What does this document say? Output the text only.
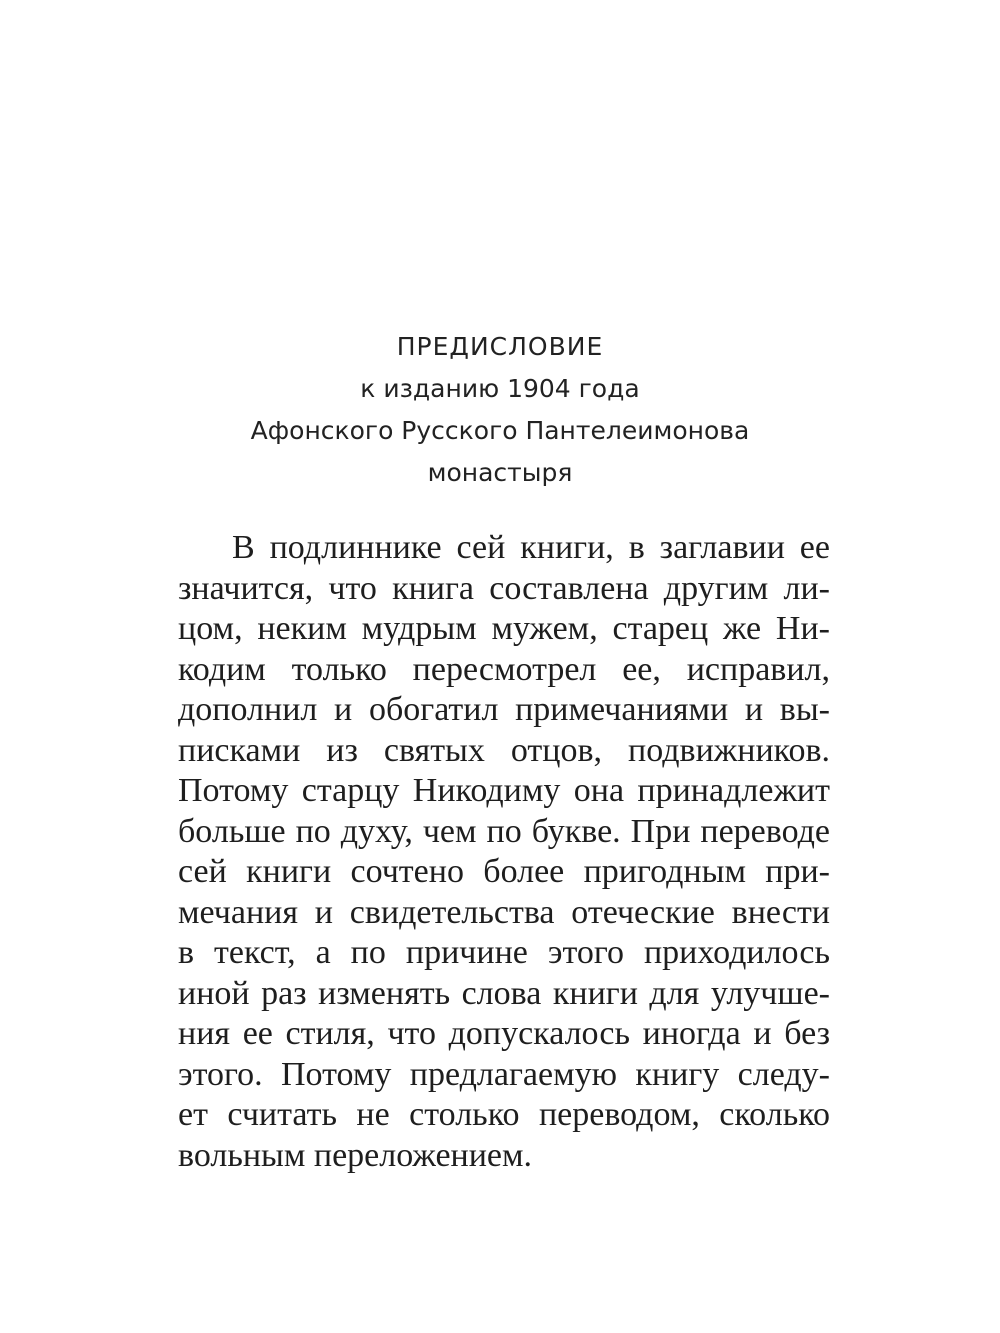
ПРЕДИСЛОВИЕ
к изданию 1904 года
Афонского Русского Пантелеимонова
монастыря
В подлиннике сей книги, в заглавии ее
значится, что книга составлена другим ли-
цом, неким мудрым мужем, старец же Ни-
кодим только пересмотрел ее, исправил,
дополнил и обогатил примечаниями и вы-
писками из святых отцов, подвижников.
Потому старцу Никодиму она принадлежит
больше по духу, чем по букве. При переводе
сей книги сочтено более пригодным при-
мечания и свидетельства отеческие внести
в текст, а по причине этого приходилось
иной раз изменять слова книги для улучше-
ния ее стиля, что допускалось иногда и без
этого. Потому предлагаемую книгу следу-
ет считать не столько переводом, сколько
вольным переложением.
